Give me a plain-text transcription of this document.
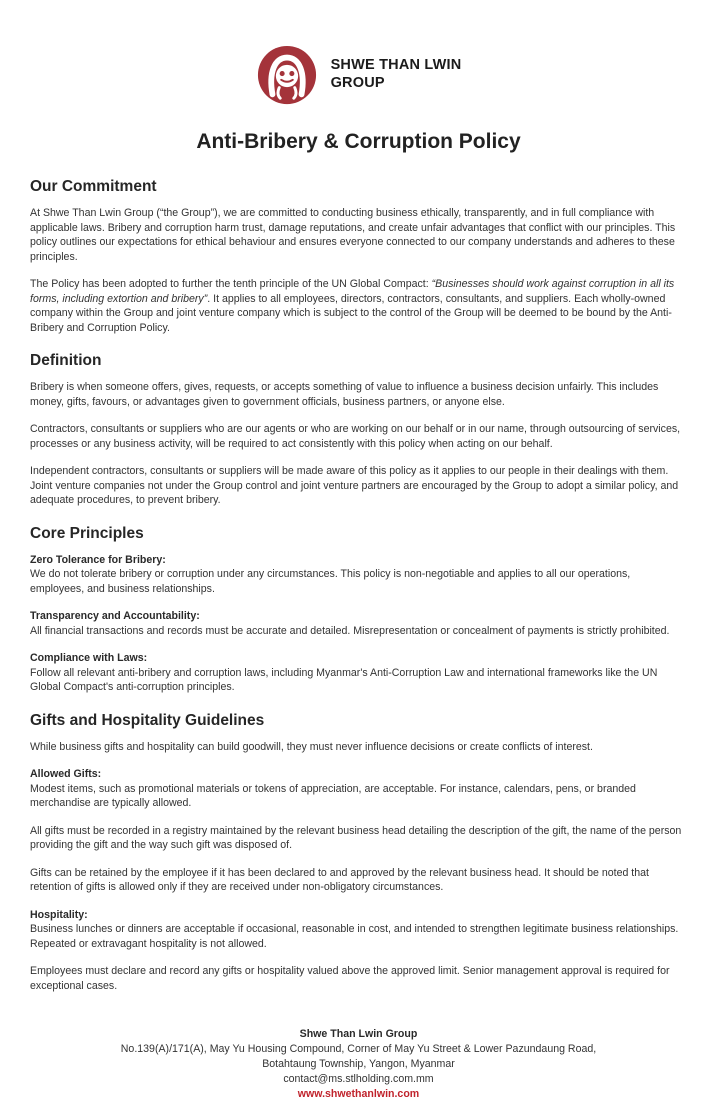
SHWE THAN LWIN
GROUP
Anti-Bribery & Corruption Policy
Our Commitment

At Shwe Than Lwin Group (“the Group”), we are committed to conducting business ethically, transparently, and in full compliance with applicable laws. Bribery and corruption harm trust, damage reputations, and create unfair advantages that conflict with our principles. This policy outlines our expectations for ethical behaviour and ensures everyone connected to our company understands and adheres to these principles.

The Policy has been adopted to further the tenth principle of the UN Global Compact: “Businesses should work against corruption in all its forms, including extortion and bribery”. It applies to all employees, directors, contractors, consultants, and suppliers. Each wholly-owned company within the Group and joint venture company which is subject to the control of the Group will be deemed to be bound by the Anti-Bribery and Corruption Policy.

Definition

Bribery is when someone offers, gives, requests, or accepts something of value to influence a business decision unfairly. This includes money, gifts, favours, or advantages given to government officials, business partners, or anyone else.

Contractors, consultants or suppliers who are our agents or who are working on our behalf or in our name, through outsourcing of services, processes or any business activity, will be required to act consistently with this policy when acting on our behalf.

Independent contractors, consultants or suppliers will be made aware of this policy as it applies to our people in their dealings with them. Joint venture companies not under the Group control and joint venture partners are encouraged by the Group to adopt a similar policy, and adequate procedures, to prevent bribery.

Core Principles
Zero Tolerance for Bribery:
We do not tolerate bribery or corruption under any circumstances. This policy is non-negotiable and applies to all our operations, employees, and business relationships.
Transparency and Accountability:
All financial transactions and records must be accurate and detailed. Misrepresentation or concealment of payments is strictly prohibited.
Compliance with Laws:
Follow all relevant anti-bribery and corruption laws, including Myanmar's Anti-Corruption Law and international frameworks like the UN Global Compact's anti-corruption principles.
Gifts and Hospitality Guidelines

While business gifts and hospitality can build goodwill, they must never influence decisions or create conflicts of interest.

Allowed Gifts:
Modest items, such as promotional materials or tokens of appreciation, are acceptable. For instance, calendars, pens, or branded merchandise are typically allowed.

All gifts must be recorded in a registry maintained by the relevant business head detailing the description of the gift, the name of the person providing the gift and the way such gift was disposed of.

Gifts can be retained by the employee if it has been declared to and approved by the relevant business head. It should be noted that retention of gifts is allowed only if they are received under non-obligatory circumstances.

Hospitality:
Business lunches or dinners are acceptable if occasional, reasonable in cost, and intended to strengthen legitimate business relationships. Repeated or extravagant hospitality is not allowed.

Employees must declare and record any gifts or hospitality valued above the approved limit. Senior management approval is required for exceptional cases.

Shwe Than Lwin Group
No.139(A)/171(A), May Yu Housing Compound, Corner of May Yu Street & Lower Pazundaung Road,
Botahtaung Township, Yangon, Myanmar
contact@ms.stlholding.com.mm
www.shwethanlwin.com
